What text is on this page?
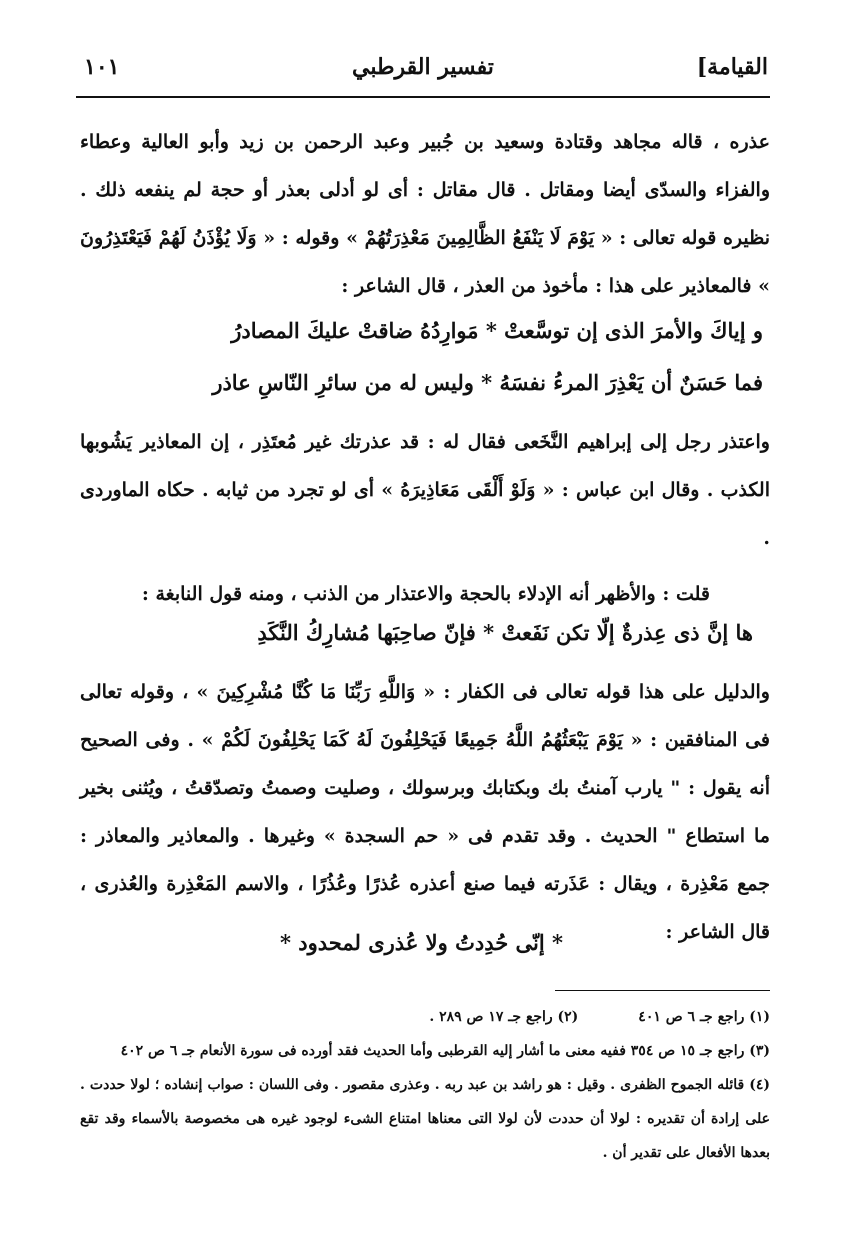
القيامة]
تفسير القرطبي
١٠١

عذره ، قاله مجاهد وقتادة وسعيد بن جُبير وعبد الرحمن بن زيد وأبو العالية وعطاء والفزاء والسدّى أيضا ومقاتل . قال مقاتل : أى لو أدلى بعذر أو حجة لم ينفعه ذلك . نظيره قوله تعالى : « يَوْمَ لَا يَنْفَعُ الظَّالِمِينَ مَعْذِرَتُهُمْ » وقوله : « وَلَا يُؤْذَنُ لَهُمْ فَيَعْتَذِرُونَ » فالمعاذير على هذا : مأخوذ من العذر ، قال الشاعر :

و إياكَ والأمرَ الذى إن توسَّعتْ * مَوارِدُهُ ضاقتْ عليكَ المصادرُ
فما حَسَنٌ أن يَعْذِرَ المرءُ نفسَهُ * وليس له من سائرِ النّاسِ عاذر

واعتذر رجل إلى إبراهيم النَّخَعى فقال له : قد عذرتك غير مُعتَذِر ، إن المعاذير يَشُوبها الكذب . وقال ابن عباس : « وَلَوْ أَلْقَى مَعَاذِيرَهُ » أى لو تجرد من ثيابه . حكاه الماوردى .

قلت : والأظهر أنه الإدلاء بالحجة والاعتذار من الذنب ، ومنه قول النابغة :

ها إنَّ ذى عِذرةٌ إلّا تكن نَفَعتْ * فإنّ صاحِبَها مُشارِكُ النَّكَدِ

والدليل على هذا قوله تعالى فى الكفار : « وَاللَّهِ رَبِّنَا مَا كُنَّا مُشْرِكِينَ » ، وقوله تعالى فى المنافقين : « يَوْمَ يَبْعَثُهُمُ اللَّهُ جَمِيعًا فَيَحْلِفُونَ لَهُ كَمَا يَحْلِفُونَ لَكُمْ » . وفى الصحيح أنه يقول : " يارب آمنتُ بك وبكتابك وبرسولك ، وصليت وصمتُ وتصدّقتُ ، ويُثنى بخير ما استطاع " الحديث . وقد تقدم فى « حم السجدة » وغيرها . والمعاذير والمعاذر : جمع مَعْذِرة ، ويقال : عَذَرته فيما صنع أعذره عُذرًا وعُذُرًا ، والاسم المَعْذِرة والعُذرى ، قال الشاعر :

* إنّى حُدِدتُ ولا عُذرى لمحدود *
(١) راجع جـ ٦ ص ٤٠١
(٢) راجع جـ ١٧ ص ٢٨٩ .

(٣) راجع جـ ١٥ ص ٣٥٤ ففيه معنى ما أشار إليه القرطبى وأما الحديث فقد أورده فى سورة الأنعام جـ ٦ ص ٤٠٢

(٤) قائله الجموح الظفرى . وقيل : هو راشد بن عبد ربه . وعذرى مقصور . وفى اللسان : صواب إنشاده ؛ لولا حددت . على إرادة أن تقديره : لولا أن حددت لأن لولا التى معناها امتناع الشىء لوجود غيره هى مخصوصة بالأسماء وقد تقع بعدها الأفعال على تقدير أن .
